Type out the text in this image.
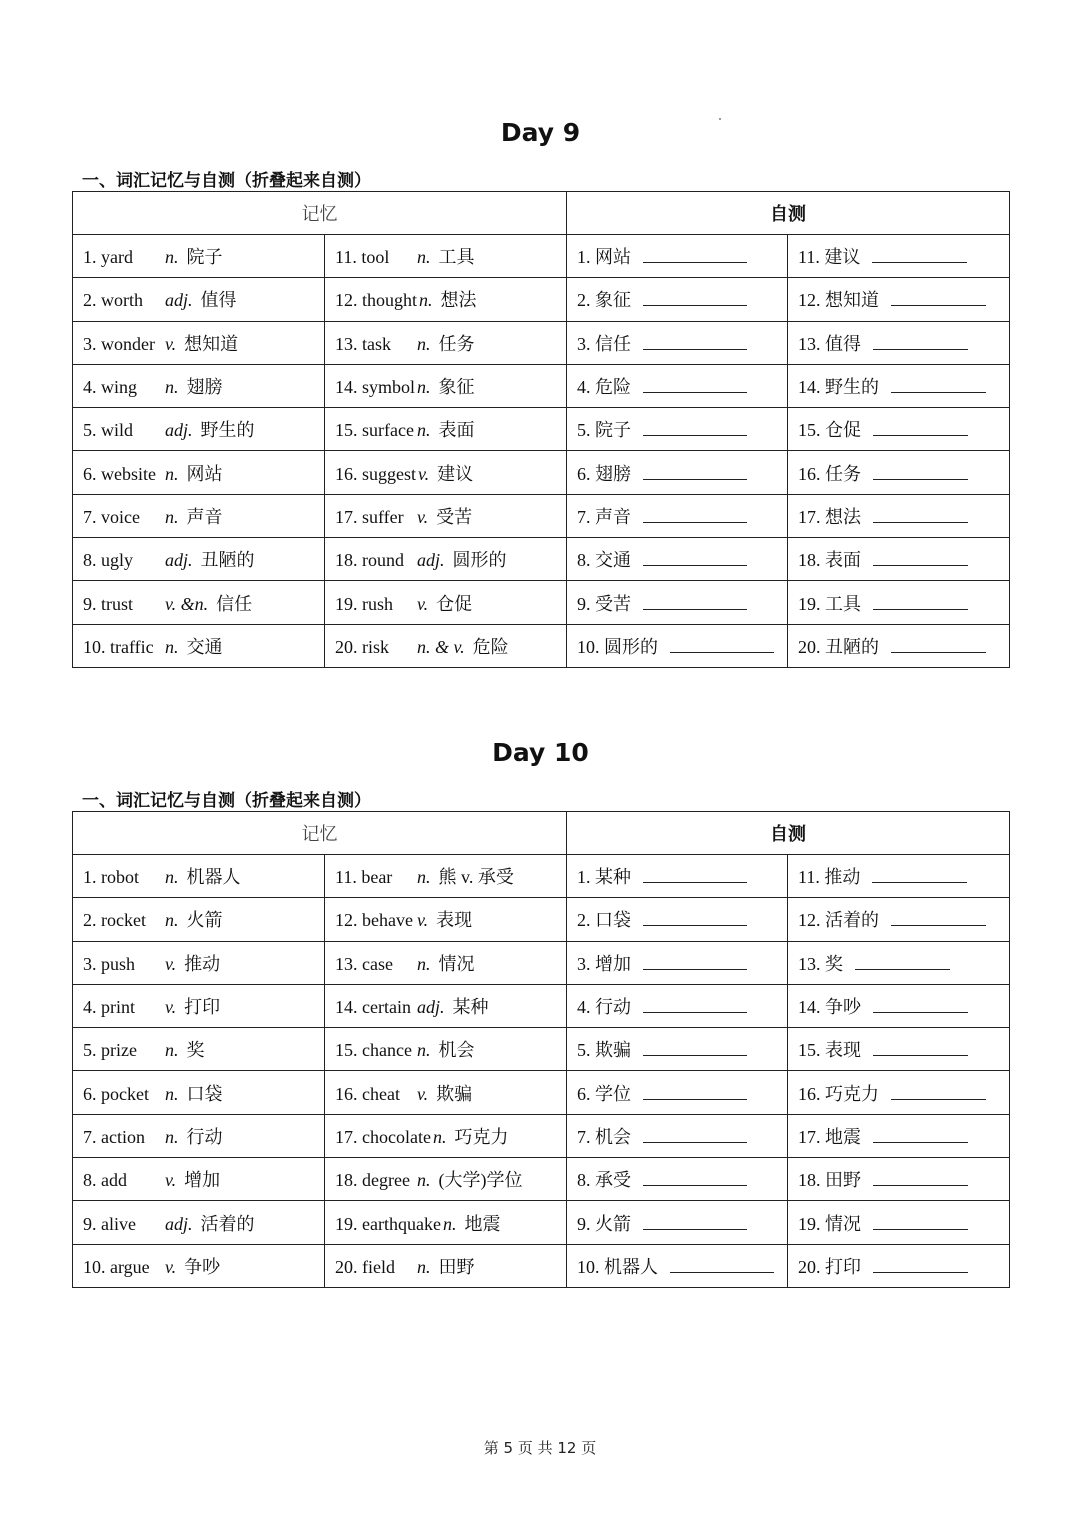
Day 9
一、词汇记忆与自测（折叠起来自测）
记忆		自测	
1. yard n. 院子	11. tool n. 工具	1. 网站	11. 建议
2. worth adj. 值得	12. thought n. 想法	2. 象征	12. 想知道
3. wonder v. 想知道	13. task n. 任务	3. 信任	13. 值得
4. wing n. 翅膀	14. symbol n. 象征	4. 危险	14. 野生的
5. wild adj. 野生的	15. surface n. 表面	5. 院子	15. 仓促
6. website n. 网站	16. suggest v. 建议	6. 翅膀	16. 任务
7. voice n. 声音	17. suffer v. 受苦	7. 声音	17. 想法
8. ugly adj. 丑陋的	18. round adj. 圆形的	8. 交通	18. 表面
9. trust v. &n. 信任	19. rush v. 仓促	9. 受苦	19. 工具
10. traffic n. 交通	20. risk n. & v. 危险	10. 圆形的	20. 丑陋的
Day 10
一、词汇记忆与自测（折叠起来自测）
记忆		自测	
1. robot n. 机器人	11. bear n. 熊 v. 承受	1. 某种	11. 推动
2. rocket n. 火箭	12. behave v. 表现	2. 口袋	12. 活着的
3. push v. 推动	13. case n. 情况	3. 增加	13. 奖
4. print v. 打印	14. certain adj. 某种	4. 行动	14. 争吵
5. prize n. 奖	15. chance n. 机会	5. 欺骗	15. 表现
6. pocket n. 口袋	16. cheat v. 欺骗	6. 学位	16. 巧克力
7. action n. 行动	17. chocolate n. 巧克力	7. 机会	17. 地震
8. add v. 增加	18. degree n. (大学)学位	8. 承受	18. 田野
9. alive adj. 活着的	19. earthquake n. 地震	9. 火箭	19. 情况
10. argue v. 争吵	20. field n. 田野	10. 机器人	20. 打印
第 5 页 共 12 页
